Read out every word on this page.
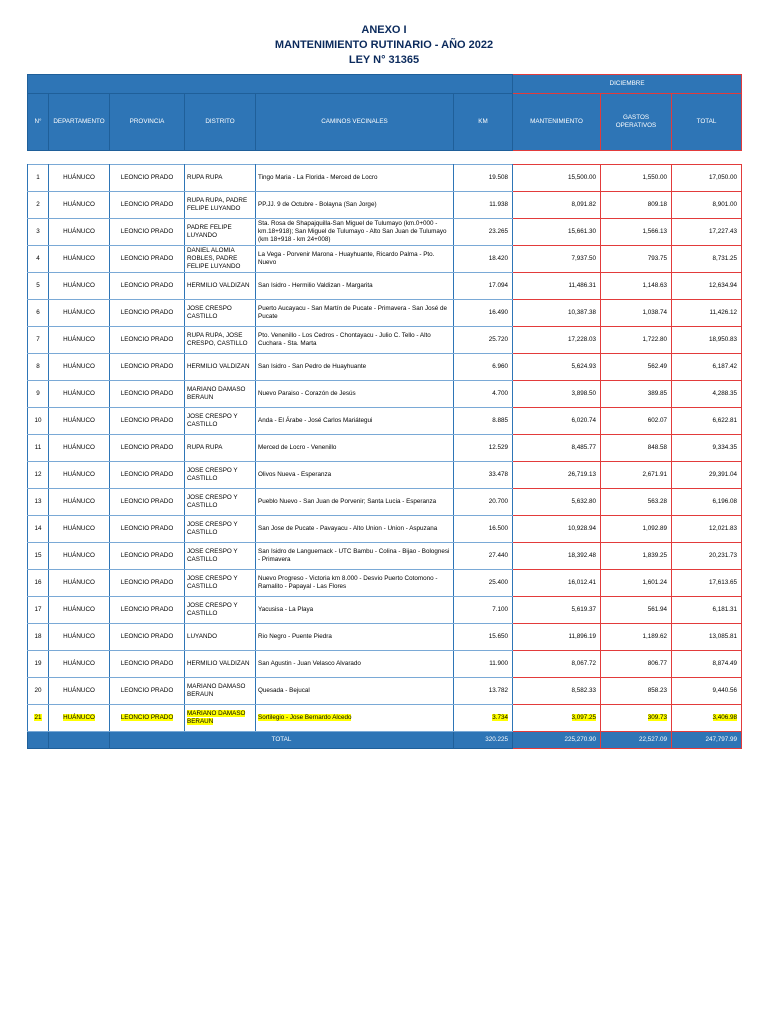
ANEXO I
MANTENIMIENTO RUTINARIO - AÑO 2022
LEY N° 31365
						DICIEMBRE		
N°	DEPARTAMENTO	PROVINCIA	DISTRITO	CAMINOS VECINALES	KM	MANTENIMIENTO	GASTOS OPERATIVOS	TOTAL

1	HUÁNUCO	LEONCIO PRADO	RUPA RUPA	Tingo Maria - La Florida - Merced de Locro	19.508	15,500.00	1,550.00	17,050.00
2	HUÁNUCO	LEONCIO PRADO	RUPA RUPA, PADRE FELIPE LUYANDO	PP.JJ. 9 de Octubre - Bolayna (San Jorge)	11.938	8,091.82	809.18	8,901.00
3	HUÁNUCO	LEONCIO PRADO	PADRE FELIPE LUYANDO	Sta. Rosa de Shapajquilla-San Miguel de Tulumayo (km.0+000 - km.18+918); San Miguel de Tulumayo - Alto San Juan de Tulumayo (km 18+918 - km 24+008)	23.265	15,661.30	1,566.13	17,227.43
4	HUÁNUCO	LEONCIO PRADO	DANIEL ALOMIA ROBLES, PADRE FELIPE LUYANDO	La Vega - Porvenir Marona - Huayhuante, Ricardo Palma - Pto. Nuevo	18.420	7,937.50	793.75	8,731.25
5	HUÁNUCO	LEONCIO PRADO	HERMILIO VALDIZAN	San Isidro - Hermilio Valdizan - Margarita	17.094	11,486.31	1,148.63	12,634.94
6	HUÁNUCO	LEONCIO PRADO	JOSE CRESPO CASTILLO	Puerto Aucayacu - San Martín de Pucate - Primavera - San José de Pucate	16.490	10,387.38	1,038.74	11,426.12
7	HUÁNUCO	LEONCIO PRADO	RUPA RUPA, JOSE CRESPO, CASTILLO	Pto. Venenillo - Los Cedros - Chontayacu - Julio C. Tello - Alto Cuchara - Sta. Marta	25.720	17,228.03	1,722.80	18,950.83
8	HUÁNUCO	LEONCIO PRADO	HERMILIO VALDIZAN	San Isidro - San Pedro de Huayhuante	6.960	5,624.93	562.49	6,187.42
9	HUÁNUCO	LEONCIO PRADO	MARIANO DAMASO BERAUN	Nuevo Paraiso - Corazón de Jesús	4.700	3,898.50	389.85	4,288.35
10	HUÁNUCO	LEONCIO PRADO	JOSE CRESPO Y CASTILLO	Anda - El Árabe - José Carlos Mariátegui	8.885	6,020.74	602.07	6,622.81
11	HUÁNUCO	LEONCIO PRADO	RUPA RUPA	Merced de Locro - Venenillo	12.529	8,485.77	848.58	9,334.35
12	HUÁNUCO	LEONCIO PRADO	JOSE CRESPO Y CASTILLO	Olivos Nueva - Esperanza	33.478	26,719.13	2,671.91	29,391.04
13	HUÁNUCO	LEONCIO PRADO	JOSE CRESPO Y CASTILLO	Pueblo Nuevo - San Juan de Porvenir; Santa Lucia - Esperanza	20.700	5,632.80	563.28	6,196.08
14	HUÁNUCO	LEONCIO PRADO	JOSE CRESPO Y CASTILLO	San Jose de Pucate - Pavayacu - Alto Union - Union - Aspuzana	16.500	10,928.94	1,092.89	12,021.83
15	HUÁNUCO	LEONCIO PRADO	JOSE CRESPO Y CASTILLO	San Isidro de Languemack - UTC Bambu - Colina - Bijao - Bolognesi - Primavera	27.440	18,392.48	1,839.25	20,231.73
16	HUÁNUCO	LEONCIO PRADO	JOSE CRESPO Y CASTILLO	Nuevo Progreso - Victoria km 8.000 - Desvio Puerto Cotomono - Ramalito - Papayal - Las Flores	25.400	16,012.41	1,601.24	17,613.65
17	HUÁNUCO	LEONCIO PRADO	JOSE CRESPO Y CASTILLO	Yacusisa - La Playa	7.100	5,619.37	561.94	6,181.31
18	HUÁNUCO	LEONCIO PRADO	LUYANDO	Rio Negro - Puente Piedra	15.650	11,896.19	1,189.62	13,085.81
19	HUÁNUCO	LEONCIO PRADO	HERMILIO VALDIZAN	San Agustin - Juan Velasco Alvarado	11.900	8,067.72	806.77	8,874.49
20	HUÁNUCO	LEONCIO PRADO	MARIANO DAMASO BERAUN	Quesada - Bejucal	13.782	8,582.33	858.23	9,440.56
21	HUÁNUCO	LEONCIO PRADO	MARIANO DAMASO BERAUN	Sortilegio - Jose Bernardo Alcedo	3.734	3,097.25	309.73	3,406.98
		TOTAL			320.225	225,270.90	22,527.09	247,797.99
